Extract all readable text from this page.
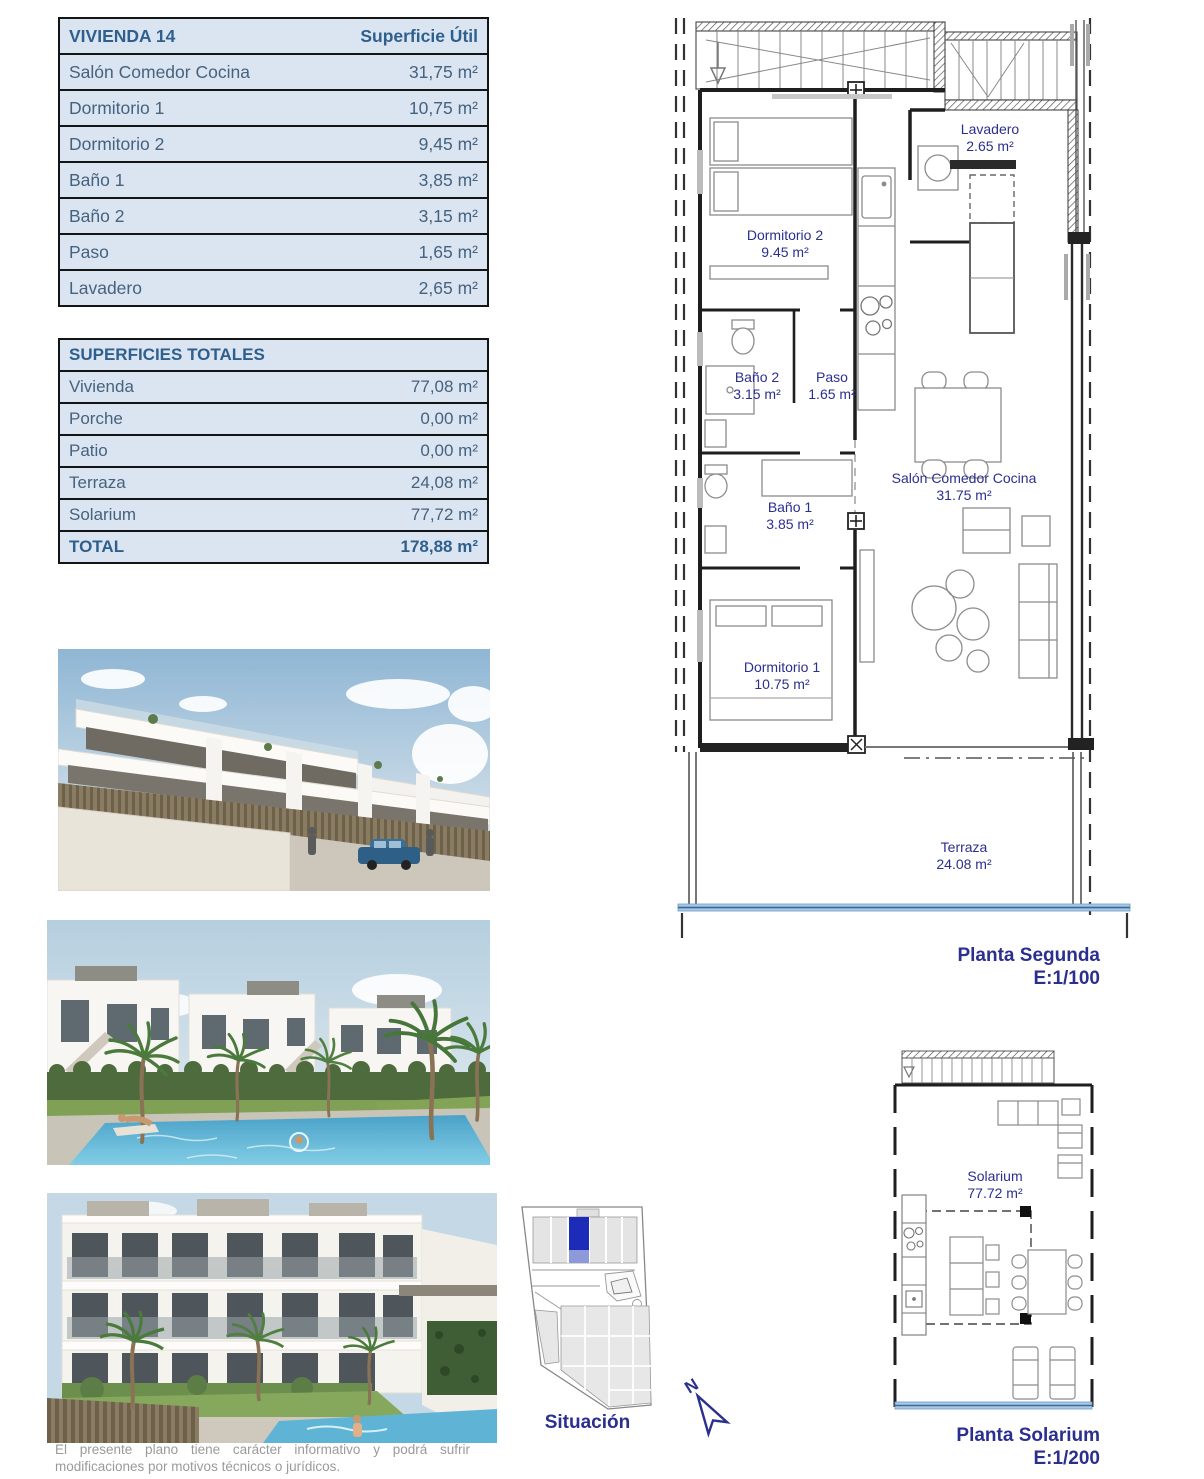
VIVIENDA 14	Superficie Útil
Salón Comedor Cocina	31,75 m²
Dormitorio 1	10,75 m²
Dormitorio 2	9,45 m²
Baño 1	3,85 m²
Baño 2	3,15 m²
Paso	1,65 m²
Lavadero	2,65 m²
SUPERFICIES TOTALES
Vivienda	77,08 m²
Porche	0,00 m²
Patio	0,00 m²
Terraza	24,08 m²
Solarium	77,72 m²
TOTAL	178,88 m²
El presente plano tiene carácter informativo y podrá sufrir modificaciones por motivos técnicos o jurídicos.
Dormitorio 2
9.45 m²
Lavadero
2.65 m²
Baño 2
3.15 m²
Paso
1.65 m²
Baño 1
3.85 m²
Dormitorio 1
10.75 m²
Salón Comedor Cocina
31.75 m²
Terraza
24.08 m²
Planta Segunda
E:1/100
Solarium
77.72 m²
Planta Solarium
E:1/200
Situación
N
